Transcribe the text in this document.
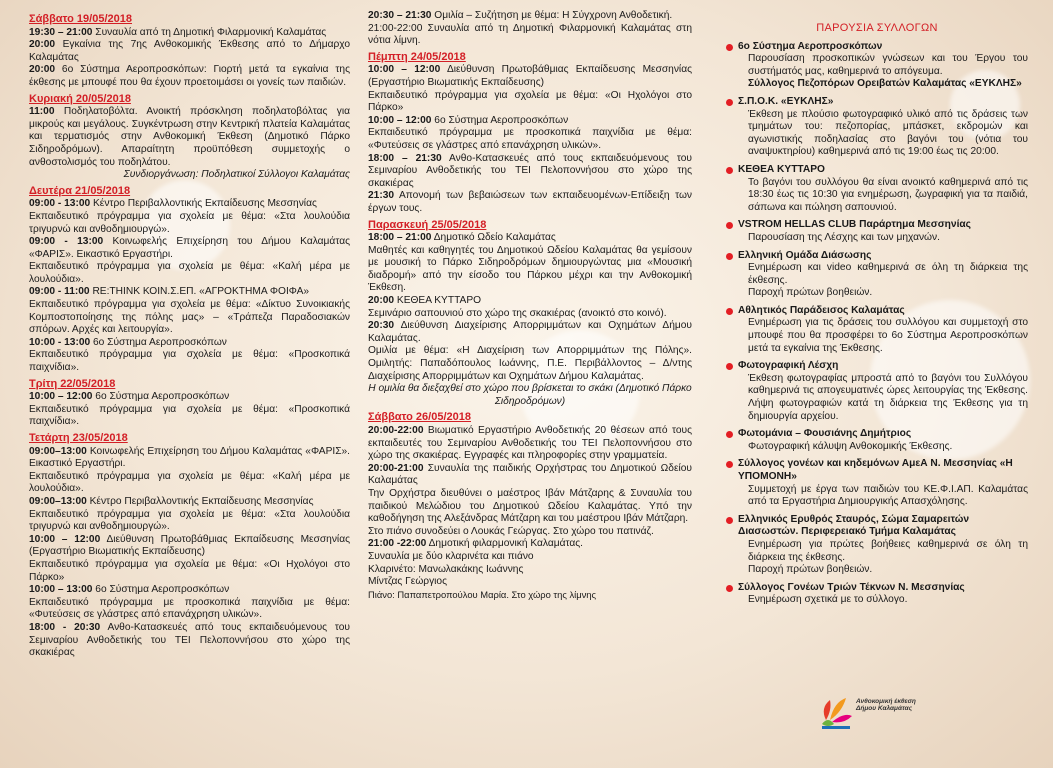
Σάββατο 19/05/2018

19:30 – 21:00 Συναυλία από τη Δημοτική Φιλαρμονική Καλαμάτας

20:00 Εγκαίνια της 7ης Ανθοκομικής Έκθεσης από το Δήμαρχο Καλαμάτας

20:00 6ο Σύστημα Αεροπροσκόπων: Γιορτή μετά τα εγκαίνια της έκθεσης με μπουφέ που θα έχουν προετοιμάσει οι γονείς των παιδιών.

Κυριακή 20/05/2018

11:00 Ποδηλατοβόλτα. Ανοικτή πρόσκληση ποδηλατοβόλτας για μικρούς και μεγάλους. Συγκέντρωση στην Κεντρική πλατεία Καλαμάτας και τερματισμός στην Ανθοκομική Έκθεση (Δημοτικό Πάρκο Σιδηροδρόμων). Απαραίτητη προϋπόθεση συμμετοχής ο ανθοστολισμός του ποδηλάτου.

Συνδιοργάνωση: Ποδηλατικοί Σύλλογοι Καλαμάτας

Δευτέρα 21/05/2018

09:00 - 13:00 Κέντρο Περιβαλλοντικής Εκπαίδευσης Μεσσηνίας

Εκπαιδευτικό πρόγραμμα για σχολεία με θέμα: «Στα λουλούδια τριγυρνώ και ανθοδημιουργώ».

09:00 - 13:00 Κοινωφελής Επιχείρηση του Δήμου Καλαμάτας «ΦΑΡΙΣ». Εικαστικό Εργαστήρι.

Εκπαιδευτικό πρόγραμμα για σχολεία με θέμα: «Καλή μέρα με λουλούδια».

09:00 - 11:00 RE:THINK ΚΟΙΝ.Σ.ΕΠ. «ΑΓΡΟΚΤΗΜΑ ΦΟΙΦΑ»

Εκπαιδευτικό πρόγραμμα για σχολεία με θέμα: «Δίκτυο Συνοικιακής Κομποστοποίησης της πόλης μας» – «Τράπεζα Παραδοσιακών σπόρων. Αρχές και λειτουργία».

10:00 - 13:00 6ο Σύστημα Αεροπροσκόπων

Εκπαιδευτικό πρόγραμμα για σχολεία με θέμα: «Προσκοπικά παιχνίδια».

Τρίτη 22/05/2018

10:00 – 12:00 6ο Σύστημα Αεροπροσκόπων

Εκπαιδευτικό πρόγραμμα για σχολεία με θέμα: «Προσκοπικά παιχνίδια».

Τετάρτη 23/05/2018

09:00–13:00 Κοινωφελής Επιχείρηση του Δήμου Καλαμάτας «ΦΑΡΙΣ». Εικαστικό Εργαστήρι.

Εκπαιδευτικό πρόγραμμα για σχολεία με θέμα: «Καλή μέρα με λουλούδια».

09:00–13:00 Κέντρο Περιβαλλοντικής Εκπαίδευσης Μεσσηνίας

Εκπαιδευτικό πρόγραμμα για σχολεία με θέμα: «Στα λουλούδια τριγυρνώ και ανθοδημιουργώ».

10:00 – 12:00 Διεύθυνση Πρωτοβάθμιας Εκπαίδευσης Μεσσηνίας (Εργαστήριο Βιωματικής Εκπαίδευσης)

Εκπαιδευτικό πρόγραμμα για σχολεία με θέμα: «Οι Ηχολόγοι στο Πάρκο»

10:00 – 13:00 6ο Σύστημα Αεροπροσκόπων

Εκπαιδευτικό πρόγραμμα με προσκοπικά παιχνίδια με θέμα: «Φυτεύσεις σε γλάστρες από επανάχρηση υλικών».

18:00 - 20:30 Ανθο-Κατασκευές από τους εκπαιδευόμενους του Σεμιναρίου Ανθοδετικής του ΤΕΙ Πελοποννήσου στο χώρο της σκακιέρας

20:30 – 21:30 Ομιλία – Συζήτηση με θέμα: Η Σύγχρονη Ανθοδετική.

21:00-22:00 Συναυλία από τη Δημοτική Φιλαρμονική Καλαμάτας στη νότια λίμνη.

Πέμπτη 24/05/2018

10:00 – 12:00 Διεύθυνση Πρωτοβάθμιας Εκπαίδευσης Μεσσηνίας (Εργαστήριο Βιωματικής Εκπαίδευσης)

Εκπαιδευτικό πρόγραμμα για σχολεία με θέμα: «Οι Ηχολόγοι στο Πάρκο»

10:00 – 12:00 6ο Σύστημα Αεροπροσκόπων

Εκπαιδευτικό πρόγραμμα με προσκοπικά παιχνίδια με θέμα: «Φυτεύσεις σε γλάστρες από επανάχρηση υλικών».

18:00 – 21:30 Ανθο-Κατασκευές από τους εκπαιδευόμενους του Σεμιναρίου Ανθοδετικής του ΤΕΙ Πελοποννήσου στο χώρο της σκακιέρας

21:30 Απονομή των βεβαιώσεων των εκπαιδευομένων-Επίδειξη των έργων τους.

Παρασκευή 25/05/2018

18:00 – 21:00 Δημοτικό Ωδείο Καλαμάτας

Μαθητές και καθηγητές του Δημοτικού Ωδείου Καλαμάτας θα γεμίσουν με μουσική το Πάρκο Σιδηροδρόμων δημιουργώντας μια «Μουσική διαδρομή» από την είσοδο του Πάρκου μέχρι και την Ανθοκομική Έκθεση.

20:00 ΚΕΘΕΑ ΚΥΤΤΑΡΟ

Σεμινάριο σαπουνιού στο χώρο της σκακιέρας (ανοικτό στο κοινό).

20:30 Διεύθυνση Διαχείρισης Απορριμμάτων και Οχημάτων Δήμου Καλαμάτας.

Ομιλία με θέμα: «Η Διαχείριση των Απορριμμάτων της Πόλης». Ομιλητής: Παπαδόπουλος Ιωάννης, Π.Ε. Περιβάλλοντος – Δ/ντης Διαχείρισης Απορριμμάτων και Οχημάτων Δήμου Καλαμάτας.

Η ομιλία θα διεξαχθεί στο χώρο που βρίσκεται το σκάκι (Δημοτικό Πάρκο Σιδηροδρόμων)

Σάββατο 26/05/2018

20:00-22:00 Βιωματικό Εργαστήριο Ανθοδετικής 20 θέσεων από τους εκπαιδευτές του Σεμιναρίου Ανθοδετικής του ΤΕΙ Πελοποννήσου στο χώρο της σκακιέρας. Εγγραφές και πληροφορίες στην γραμματεία.

20:00-21:00 Συναυλία της παιδικής Ορχήστρας του Δημοτικού Ωδείου Καλαμάτας

Την Ορχήστρα διευθύνει ο μαέστρος Ιβάν Μάτζαρης & Συναυλία του παιδικού Μελώδιου του Δημοτικού Ωδείου Καλαμάτας. Υπό την καθοδήγηση της Αλεξάνδρας Μάτζαρη και του μαέστρου Ιβάν Μάτζαρη.

Στο πιάνο συνοδεύει ο Λουκάς Γεώργας. Στο χώρο του πατινάζ.

21:00 -22:00 Δημοτική φιλαρμονική Καλαμάτας.

Συναυλία με δύο κλαρινέτα και πιάνο

Κλαρινέτο: Μανωλακάκης Ιωάννης

Μίντζας Γεώργιος

Πιάνο: Παπαπετροπούλου Μαρία. Στο χώρο της λίμνης

ΠΑΡΟΥΣΙΑ ΣΥΛΛΟΓΩΝ
6ο Σύστημα Αεροπροσκόπων
Παρουσίαση προσκοπικών γνώσεων και του Έργου του συστήματός μας, καθημερινά το απόγευμα.
Σύλλογος Πεζοπόρων Ορειβατών Καλαμάτας «ΕΥΚΛΗΣ»
Σ.Π.Ο.Κ. «ΕΥΚΛΗΣ»
Έκθεση με πλούσιο φωτογραφικό υλικό από τις δράσεις των τμημάτων του: πεζοπορίας, μπάσκετ, εκδρομών και αγωνιστικής ποδηλασίας στο βαγόνι του (νότια του αναψυκτηρίου) καθημερινά από τις 19:00 έως τις 20:00.
ΚΕΘΕΑ ΚΥΤΤΑΡΟ
Το βαγόνι του συλλόγου θα είναι ανοικτό καθημερινά από τις 18:30 έως τις 10:30 για ενημέρωση, ζωγραφική για τα παιδιά, σάπωνα και πώληση σαπουνιού.
VSTROM HELLAS CLUB Παράρτημα Μεσσηνίας
Παρουσίαση της Λέσχης και των μηχανών.
Ελληνική Ομάδα Διάσωσης
Ενημέρωση και video καθημερινά σε όλη τη διάρκεια της έκθεσης.
Παροχή πρώτων βοηθειών.
Αθλητικός Παράδεισος Καλαμάτας
Ενημέρωση για τις δράσεις του συλλόγου και συμμετοχή στο μπουφέ που θα προσφέρει το 6ο Σύστημα Αεροπροσκόπων μετά τα εγκαίνια της Έκθεσης.
Φωτογραφική Λέσχη
Έκθεση φωτογραφίας μπροστά από το βαγόνι του Συλλόγου καθημερινά τις απογευματινές ώρες λειτουργίας της Έκθεσης. Λήψη φωτογραφιών κατά τη διάρκεια της Έκθεσης για τη δημιουργία αρχείου.
Φωτομάνια – Φουσιάνης Δημήτριος
Φωτογραφική κάλυψη Ανθοκομικής Έκθεσης.
Σύλλογος γονέων και κηδεμόνων ΑμεΑ Ν. Μεσσηνίας «Η ΥΠΟΜΟΝΗ»
Συμμετοχή με έργα των παιδιών του ΚΕ.Φ.Ι.ΑΠ. Καλαμάτας από τα Εργαστήρια Δημιουργικής Απασχόλησης.
Ελληνικός Ερυθρός Σταυρός, Σώμα Σαμαρειτών Διασωστών. Περιφερειακό Τμήμα Καλαμάτας
Ενημέρωση για πρώτες βοήθειες καθημερινά σε όλη τη διάρκεια της έκθεσης.
Παροχή πρώτων βοηθειών.
Σύλλογος Γονέων Τριών Τέκνων Ν. Μεσσηνίας
Ενημέρωση σχετικά με το σύλλογο.
Ανθοκομική έκθεση Δήμου Καλαμάτας
